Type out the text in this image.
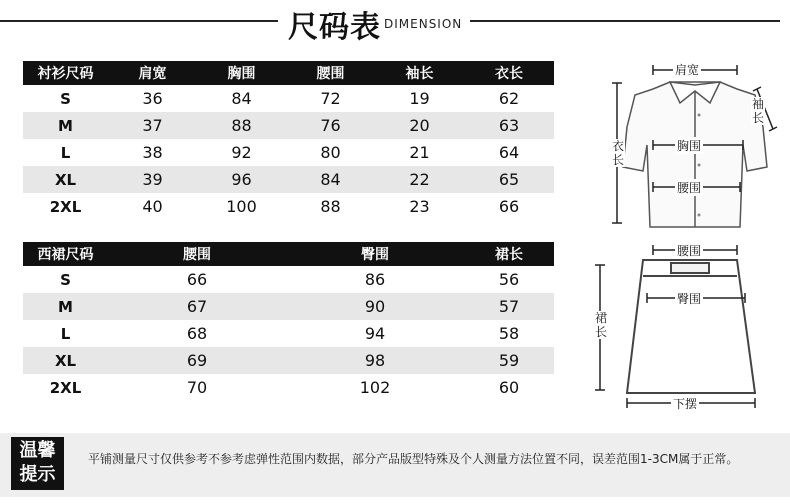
尺码表 DIMENSION
衬衫尺码	肩宽	胸围	腰围	袖长	衣长
S	36	84	72	19	62
M	37	88	76	20	63
L	38	92	80	21	64
XL	39	96	84	22	65
2XL	40	100	88	23	66
西裙尺码	腰围	臀围	裙长
S	66	86	56
M	67	90	57
L	68	94	58
XL	69	98	59
2XL	70	102	60
肩宽
袖长
衣长
胸围
腰围
腰围
臀围
裙长
下摆
温馨
提示
平铺测量尺寸仅供参考不参考虑弹性范围内数据，部分产品版型特殊及个人测量方法位置不同，误差范围1-3CM属于正常。
